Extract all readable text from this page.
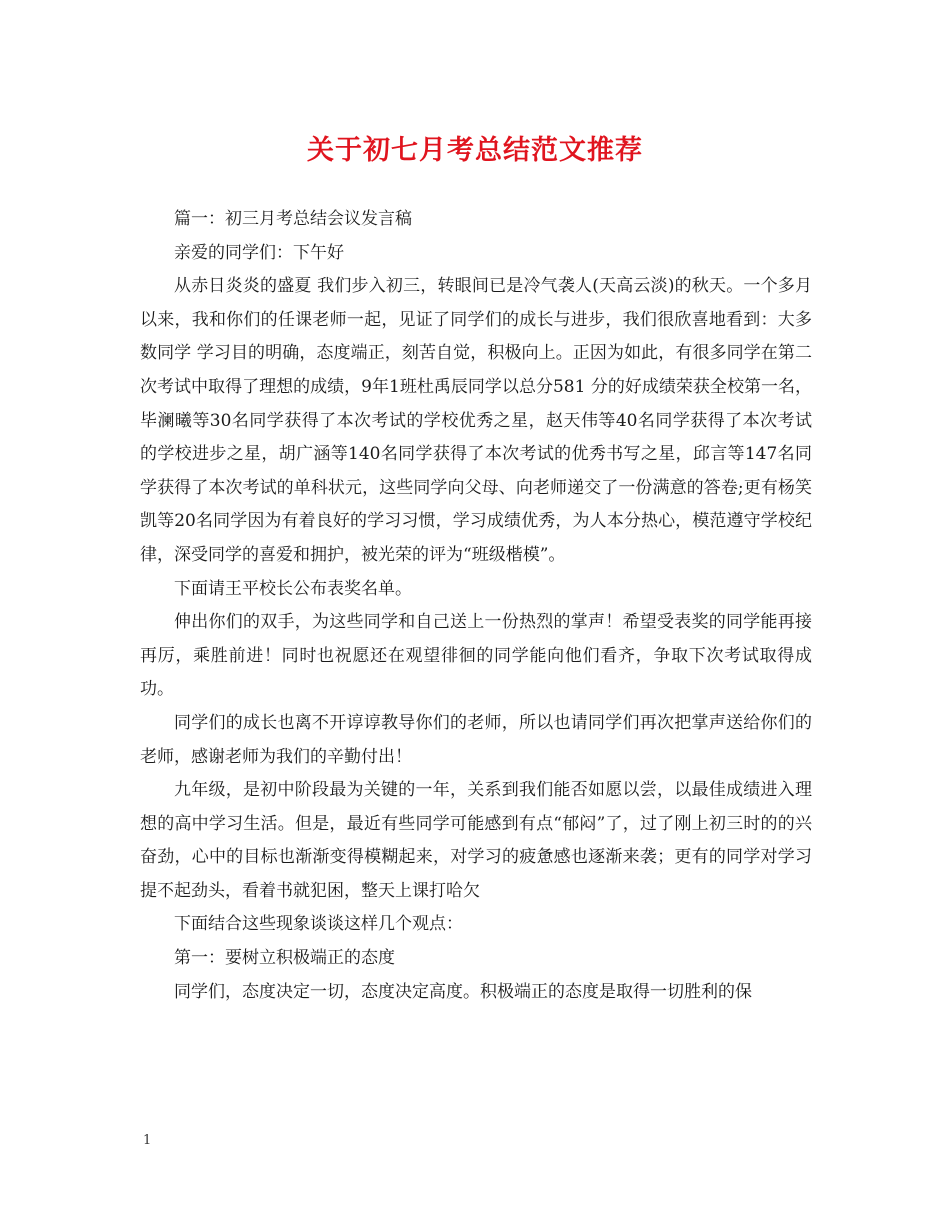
关于初七月考总结范文推荐

篇一：初三月考总结会议发言稿

亲爱的同学们：下午好

从赤日炎炎的盛夏 我们步入初三，转眼间已是冷气袭人(天高云淡)的秋天。一个多月以来，我和你们的任课老师一起，见证了同学们的成长与进步，我们很欣喜地看到：大多数同学 学习目的明确，态度端正，刻苦自觉，积极向上。正因为如此，有很多同学在第二次考试中取得了理想的成绩，9年1班杜禹辰同学以总分581 分的好成绩荣获全校第一名，毕澜曦等30名同学获得了本次考试的学校优秀之星，赵天伟等40名同学获得了本次考试的学校进步之星，胡广涵等140名同学获得了本次考试的优秀书写之星，邱言等147名同学获得了本次考试的单科状元，这些同学向父母、向老师递交了一份满意的答卷;更有杨笑凯等20名同学因为有着良好的学习习惯，学习成绩优秀，为人本分热心，模范遵守学校纪律，深受同学的喜爱和拥护，被光荣的评为“班级楷模”。

下面请王平校长公布表奖名单。

伸出你们的双手，为这些同学和自己送上一份热烈的掌声！希望受表奖的同学能再接再厉，乘胜前进！同时也祝愿还在观望徘徊的同学能向他们看齐，争取下次考试取得成功。

同学们的成长也离不开谆谆教导你们的老师，所以也请同学们再次把掌声送给你们的老师，感谢老师为我们的辛勤付出！

九年级，是初中阶段最为关键的一年，关系到我们能否如愿以尝，以最佳成绩进入理想的高中学习生活。但是，最近有些同学可能感到有点“郁闷”了，过了刚上初三时的的兴奋劲，心中的目标也渐渐变得模糊起来，对学习的疲惫感也逐渐来袭；更有的同学对学习提不起劲头，看着书就犯困，整天上课打哈欠

下面结合这些现象谈谈这样几个观点：

第一：要树立积极端正的态度

同学们，态度决定一切，态度决定高度。积极端正的态度是取得一切胜利的保

1
